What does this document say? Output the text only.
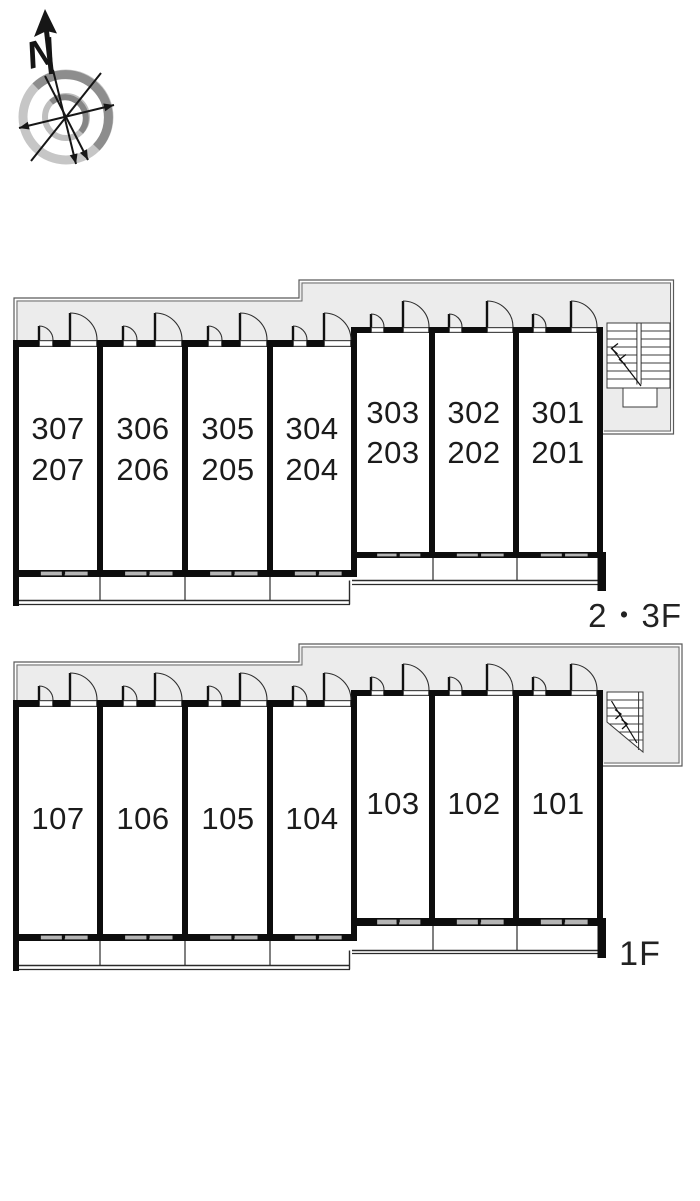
N
307
207
306
206
305
205
304
204
303
203
302
202
301
201
107	106	105 104 103 102 101
2・3F
1F
